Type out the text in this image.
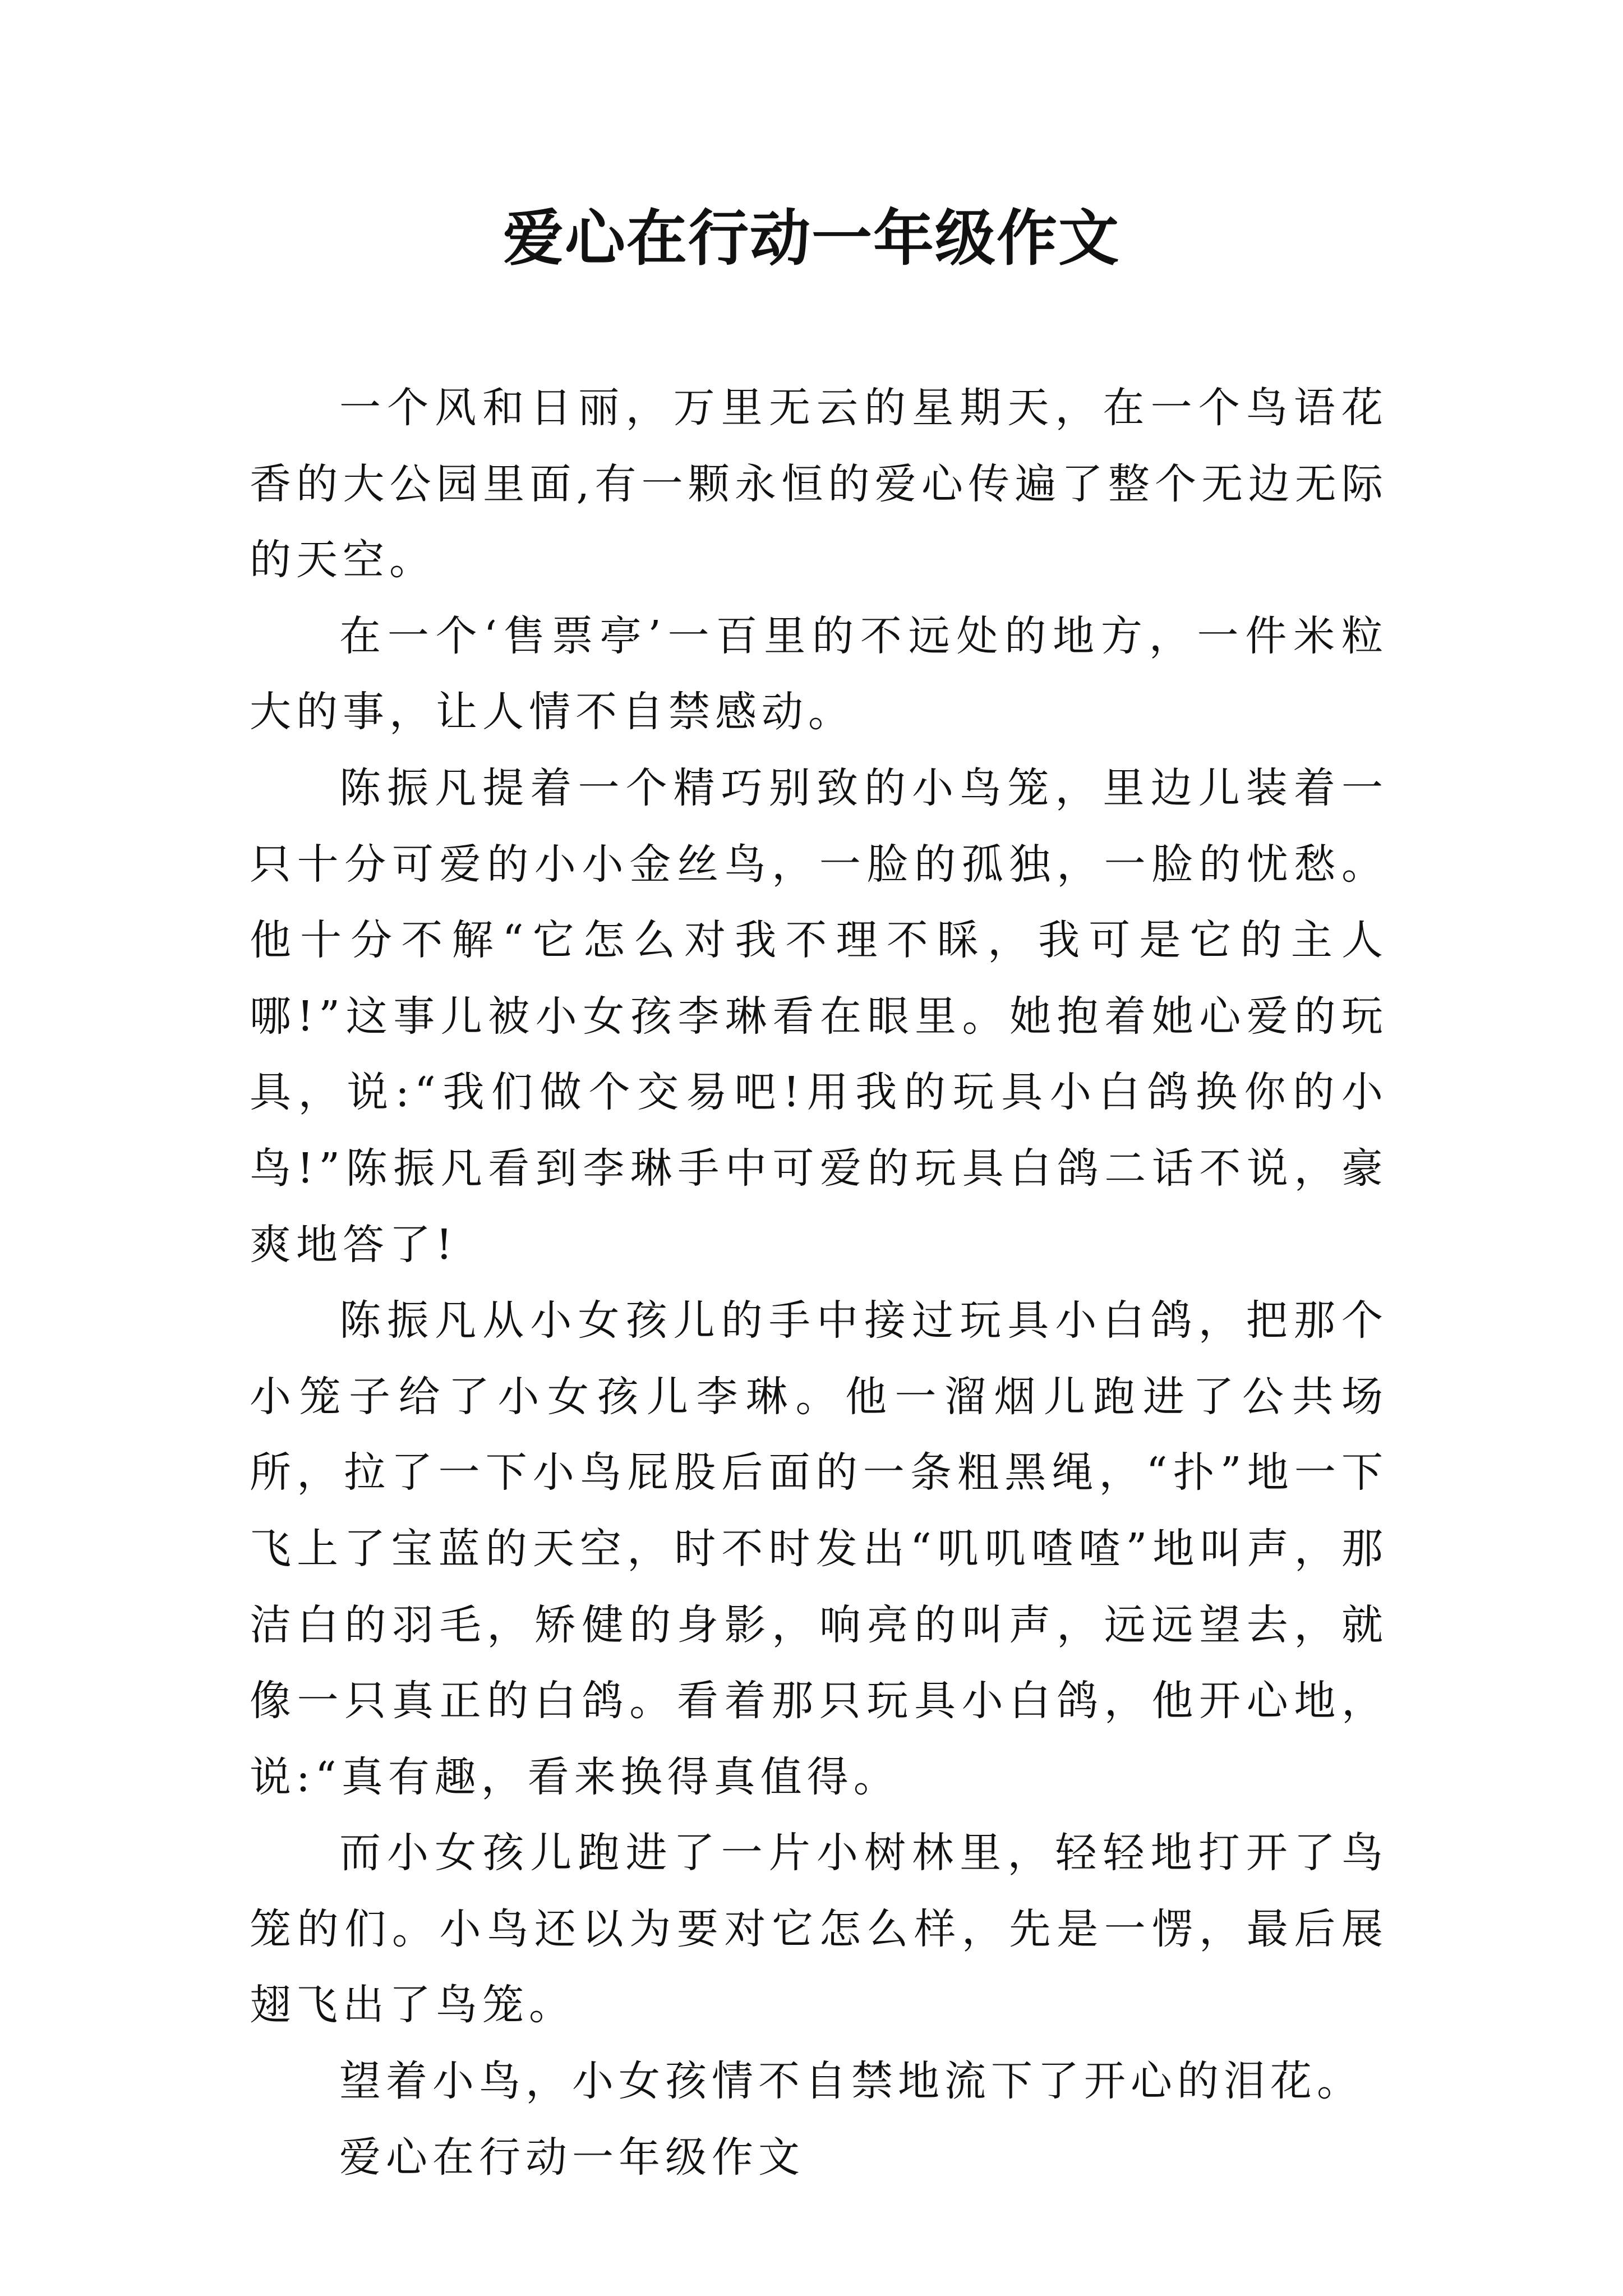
爱心在行动一年级作文

一个风和日丽，万里无云的星期天，在一个鸟语花香的大公园里面,有一颗永恒的爱心传遍了整个无边无际的天空。

在一个‘售票亭’一百里的不远处的地方，一件米粒大的事，让人情不自禁感动。

陈振凡提着一个精巧别致的小鸟笼，里边儿装着一只十分可爱的小小金丝鸟，一脸的孤独，一脸的忧愁。他十分不解“它怎么对我不理不睬，我可是它的主人哪!”这事儿被小女孩李琳看在眼里。她抱着她心爱的玩具，说:“我们做个交易吧!用我的玩具小白鸽换你的小鸟!”陈振凡看到李琳手中可爱的玩具白鸽二话不说，豪爽地答了!

陈振凡从小女孩儿的手中接过玩具小白鸽，把那个小笼子给了小女孩儿李琳。他一溜烟儿跑进了公共场所，拉了一下小鸟屁股后面的一条粗黑绳，“扑”地一下飞上了宝蓝的天空，时不时发出“叽叽喳喳”地叫声，那洁白的羽毛，矫健的身影，响亮的叫声，远远望去，就像一只真正的白鸽。看着那只玩具小白鸽，他开心地，说:“真有趣，看来换得真值得。

而小女孩儿跑进了一片小树林里，轻轻地打开了鸟笼的们。小鸟还以为要对它怎么样，先是一愣，最后展翅飞出了鸟笼。

望着小鸟，小女孩情不自禁地流下了开心的泪花。

爱心在行动一年级作文
